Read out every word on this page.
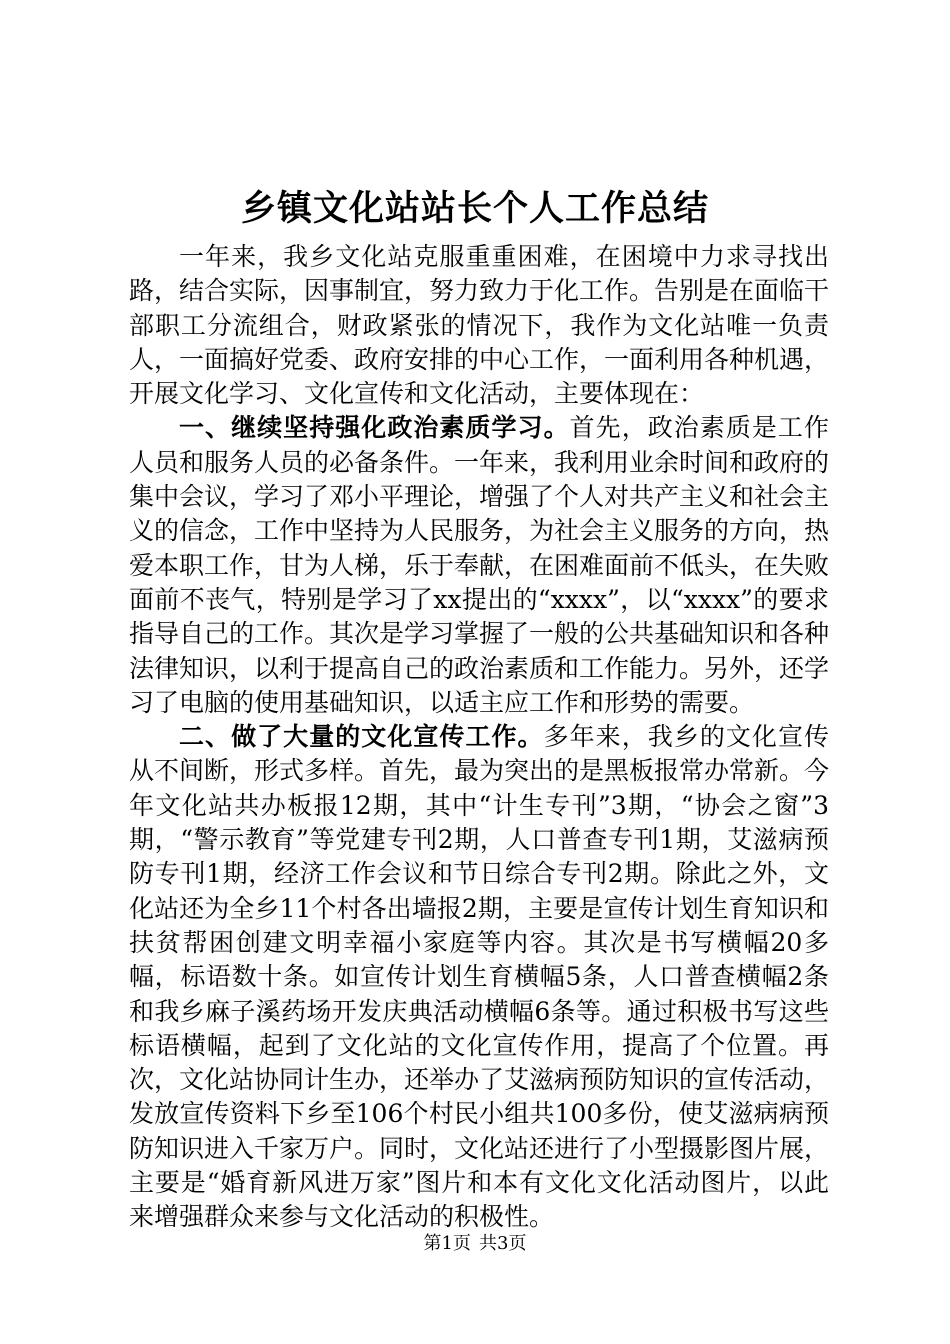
乡镇文化站站长个人工作总结

一年来，我乡文化站克服重重困难，在困境中力求寻找出路，结合实际，因事制宜，努力致力于化工作。告别是在面临干部职工分流组合，财政紧张的情况下，我作为文化站唯一负责人，一面搞好党委、政府安排的中心工作，一面利用各种机遇，开展文化学习、文化宣传和文化活动，主要体现在：

一、继续坚持强化政治素质学习。首先，政治素质是工作人员和服务人员的必备条件。一年来，我利用业余时间和政府的集中会议，学习了邓小平理论，增强了个人对共产主义和社会主义的信念，工作中坚持为人民服务，为社会主义服务的方向，热爱本职工作，甘为人梯，乐于奉献，在困难面前不低头，在失败面前不丧气，特别是学习了xx提出的“xxxx”，以“xxxx”的要求指导自己的工作。其次是学习掌握了一般的公共基础知识和各种法律知识，以利于提高自己的政治素质和工作能力。另外，还学习了电脑的使用基础知识，以适主应工作和形势的需要。

二、做了大量的文化宣传工作。多年来，我乡的文化宣传从不间断，形式多样。首先，最为突出的是黑板报常办常新。今年文化站共办板报12期，其中“计生专刊”3期，“协会之窗”3期，“警示教育”等党建专刊2期，人口普查专刊1期，艾滋病预防专刊1期，经济工作会议和节日综合专刊2期。除此之外，文化站还为全乡11个村各出墙报2期，主要是宣传计划生育知识和扶贫帮困创建文明幸福小家庭等内容。其次是书写横幅20多幅，标语数十条。如宣传计划生育横幅5条，人口普查横幅2条和我乡麻子溪药场开发庆典活动横幅6条等。通过积极书写这些标语横幅，起到了文化站的文化宣传作用，提高了个位置。再次，文化站协同计生办，还举办了艾滋病预防知识的宣传活动，发放宣传资料下乡至106个村民小组共100多份，使艾滋病病预防知识进入千家万户。同时，文化站还进行了小型摄影图片展，主要是“婚育新风进万家”图片和本有文化文化活动图片，以此来增强群众来参与文化活动的积极性。

第1页 共3页
